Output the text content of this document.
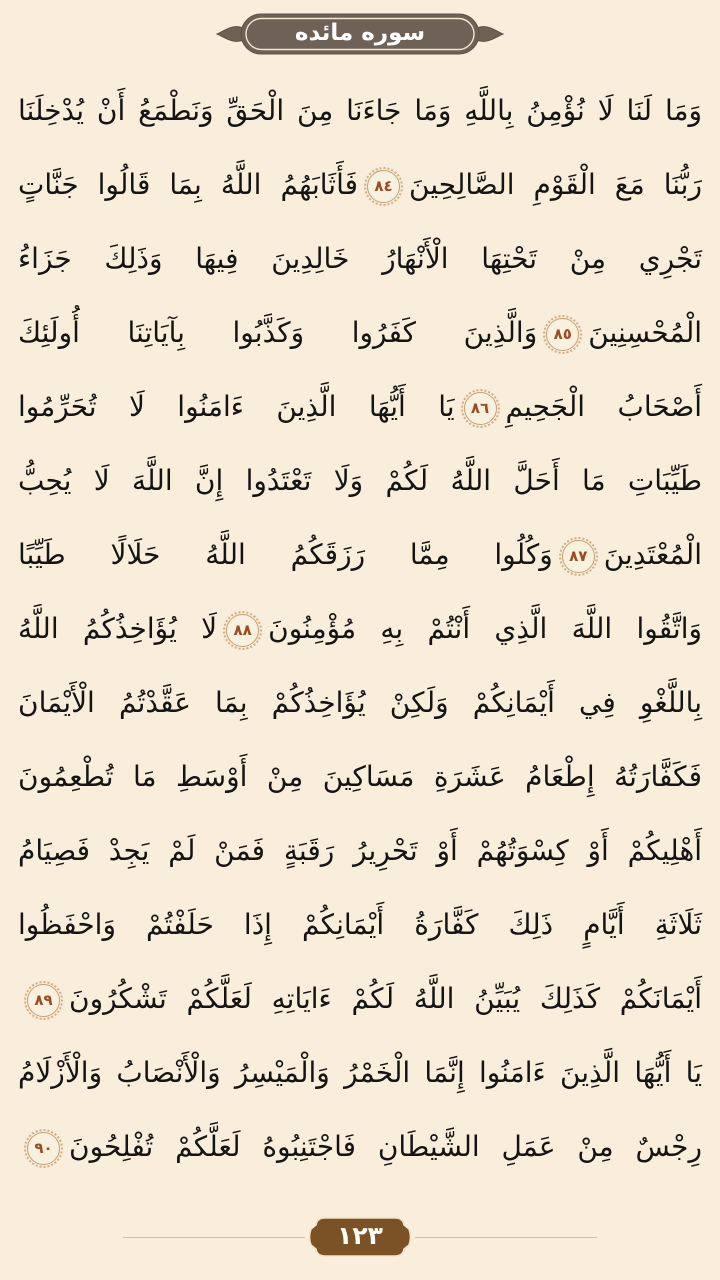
سوره مائده
وَمَا لَنَا لَا نُؤْمِنُ بِاللَّهِ وَمَا جَاءَنَا مِنَ الْحَقِّ وَنَطْمَعُ أَنْ يُدْخِلَنَا
رَبُّنَا مَعَ الْقَوْمِ الصَّالِحِينَ
٨٤
فَأَثَابَهُمُ اللَّهُ بِمَا قَالُوا جَنَّاتٍ
تَجْرِي مِنْ تَحْتِهَا الْأَنْهَارُ خَالِدِينَ فِيهَا وَذَلِكَ جَزَاءُ
الْمُحْسِنِينَ
٨٥
وَالَّذِينَ كَفَرُوا وَكَذَّبُوا بِآيَاتِنَا أُولَئِكَ
أَصْحَابُ الْجَحِيمِ
٨٦
يَا أَيُّهَا الَّذِينَ ءَامَنُوا لَا تُحَرِّمُوا
طَيِّبَاتِ مَا أَحَلَّ اللَّهُ لَكُمْ وَلَا تَعْتَدُوا إِنَّ اللَّهَ لَا يُحِبُّ
الْمُعْتَدِينَ
٨٧
وَكُلُوا مِمَّا رَزَقَكُمُ اللَّهُ حَلَالًا طَيِّبًا
وَاتَّقُوا اللَّهَ الَّذِي أَنْتُمْ بِهِ مُؤْمِنُونَ
٨٨
لَا يُؤَاخِذُكُمُ اللَّهُ
بِاللَّغْوِ فِي أَيْمَانِكُمْ وَلَكِنْ يُؤَاخِذُكُمْ بِمَا عَقَّدْتُمُ الْأَيْمَانَ
فَكَفَّارَتُهُ إِطْعَامُ عَشَرَةِ مَسَاكِينَ مِنْ أَوْسَطِ مَا تُطْعِمُونَ
أَهْلِيكُمْ أَوْ كِسْوَتُهُمْ أَوْ تَحْرِيرُ رَقَبَةٍ فَمَنْ لَمْ يَجِدْ فَصِيَامُ
ثَلَاثَةِ أَيَّامٍ ذَلِكَ كَفَّارَةُ أَيْمَانِكُمْ إِذَا حَلَفْتُمْ وَاحْفَظُوا
أَيْمَانَكُمْ كَذَلِكَ يُبَيِّنُ اللَّهُ لَكُمْ ءَايَاتِهِ لَعَلَّكُمْ تَشْكُرُونَ
٨٩
يَا أَيُّهَا الَّذِينَ ءَامَنُوا إِنَّمَا الْخَمْرُ وَالْمَيْسِرُ وَالْأَنْصَابُ وَالْأَزْلَامُ
رِجْسٌ مِنْ عَمَلِ الشَّيْطَانِ فَاجْتَنِبُوهُ لَعَلَّكُمْ تُفْلِحُونَ
٩٠
١٢٣
